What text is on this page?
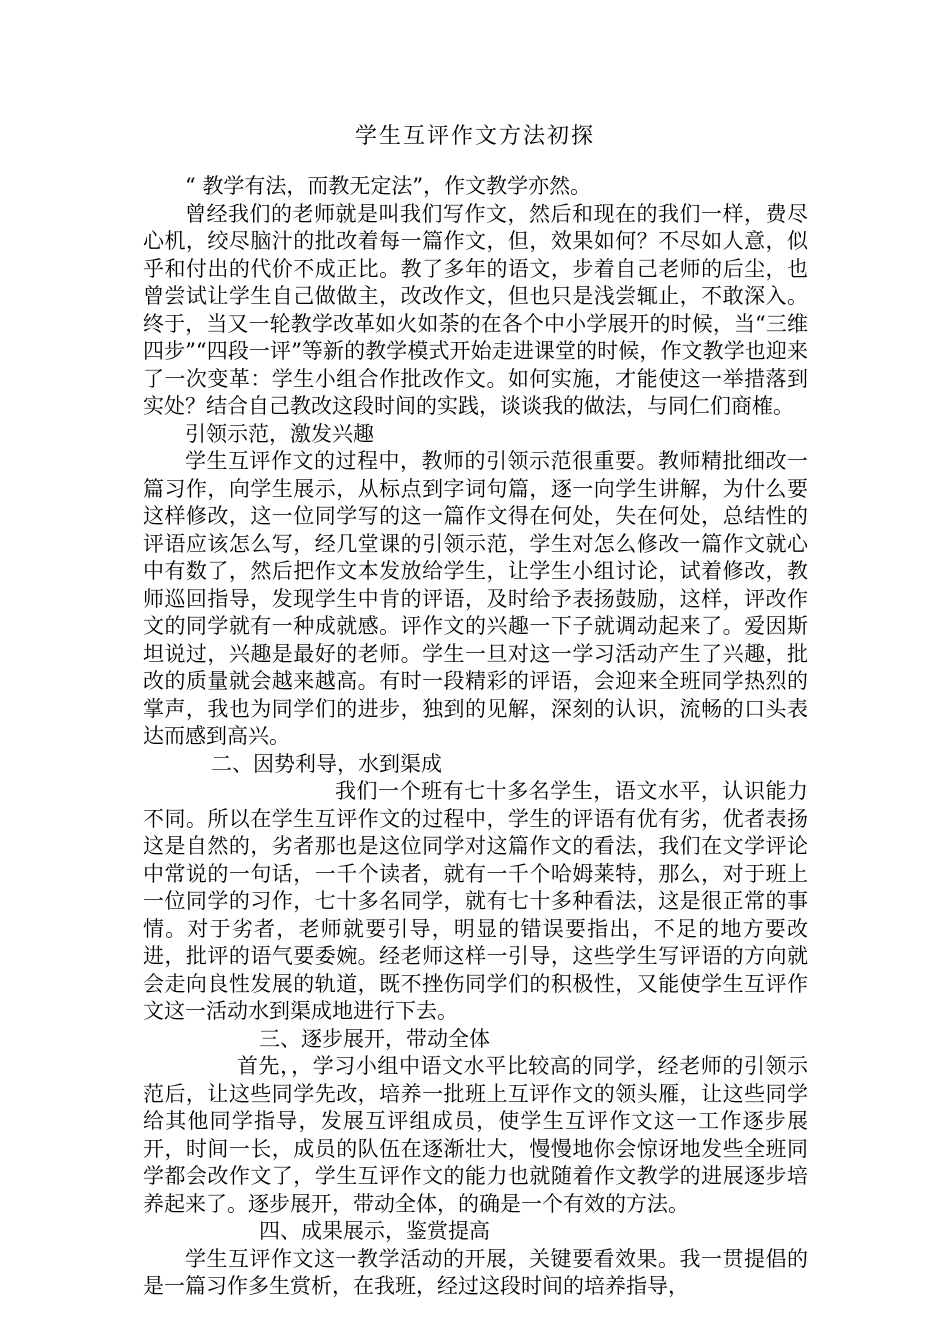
学生互评作文方法初探

“ 教学有法，而教无定法”，作文教学亦然。

曾经我们的老师就是叫我们写作文，然后和现在的我们一样，费尽心机，绞尽脑汁的批改着每一篇作文，但，效果如何？不尽如人意，似乎和付出的代价不成正比。教了多年的语文，步着自己老师的后尘，也曾尝试让学生自己做做主，改改作文，但也只是浅尝辄止，不敢深入。终于，当又一轮教学改革如火如荼的在各个中小学展开的时候，当“三维四步”“四段一评”等新的教学模式开始走进课堂的时候，作文教学也迎来了一次变革：学生小组合作批改作文。如何实施，才能使这一举措落到实处？结合自己教改这段时间的实践，谈谈我的做法，与同仁们商榷。

引领示范，激发兴趣

学生互评作文的过程中，教师的引领示范很重要。教师精批细改一篇习作，向学生展示，从标点到字词句篇，逐一向学生讲解，为什么要这样修改，这一位同学写的这一篇作文得在何处，失在何处，总结性的评语应该怎么写，经几堂课的引领示范，学生对怎么修改一篇作文就心中有数了，然后把作文本发放给学生，让学生小组讨论，试着修改，教师巡回指导，发现学生中肯的评语，及时给予表扬鼓励，这样，评改作文的同学就有一种成就感。评作文的兴趣一下子就调动起来了。爱因斯坦说过，兴趣是最好的老师。学生一旦对这一学习活动产生了兴趣，批改的质量就会越来越高。有时一段精彩的评语，会迎来全班同学热烈的掌声，我也为同学们的进步，独到的见解，深刻的认识，流畅的口头表达而感到高兴。

二、因势利导，水到渠成

我们一个班有七十多名学生，语文水平，认识能力不同。所以在学生互评作文的过程中，学生的评语有优有劣，优者表扬这是自然的，劣者那也是这位同学对这篇作文的看法，我们在文学评论中常说的一句话，一千个读者，就有一千个哈姆莱特，那么，对于班上一位同学的习作，七十多名同学，就有七十多种看法，这是很正常的事情。对于劣者，老师就要引导，明显的错误要指出，不足的地方要改进，批评的语气要委婉。经老师这样一引导，这些学生写评语的方向就会走向良性发展的轨道，既不挫伤同学们的积极性，又能使学生互评作文这一活动水到渠成地进行下去。

三、逐步展开，带动全体

首先，，学习小组中语文水平比较高的同学，经老师的引领示范后，让这些同学先改，培养一批班上互评作文的领头雁，让这些同学给其他同学指导，发展互评组成员，使学生互评作文这一工作逐步展开，时间一长，成员的队伍在逐渐壮大，慢慢地你会惊讶地发些全班同学都会改作文了，学生互评作文的能力也就随着作文教学的进展逐步培养起来了。逐步展开，带动全体，的确是一个有效的方法。

四、成果展示，鉴赏提高

学生互评作文这一教学活动的开展，关键要看效果。我一贯提倡的是一篇习作多生赏析，在我班，经过这段时间的培养指导，
